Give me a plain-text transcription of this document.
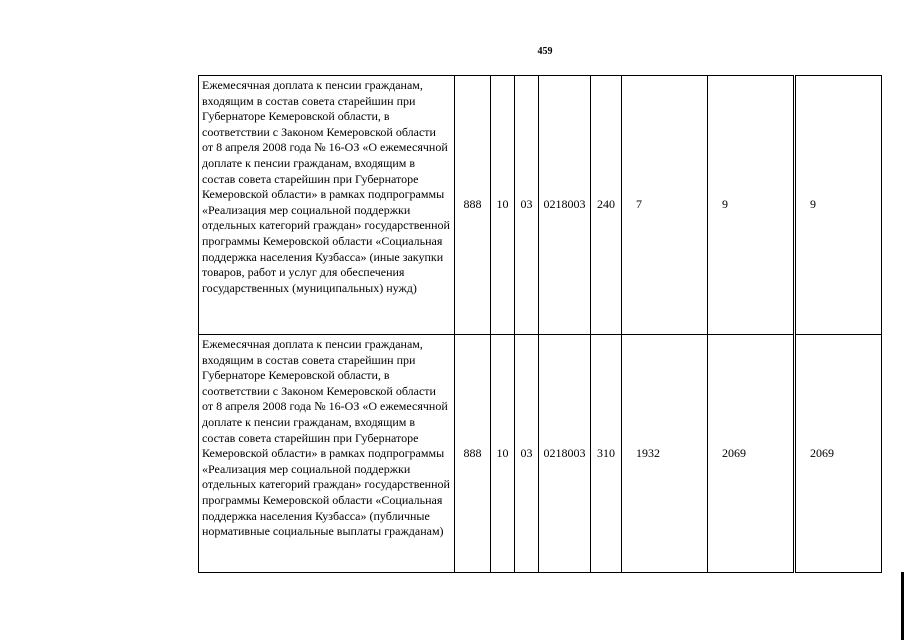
459
Ежемесячная доплата к пенсии гражданам, входящим в состав совета старейшин при Губернаторе Кемеровской области, в соответствии с Законом Кемеровской области от 8 апреля 2008 года № 16-ОЗ «О ежемесячной доплате к пенсии гражданам, входящим в состав совета старейшин при Губернаторе Кемеровской области» в рамках подпрограммы «Реализация мер социальной поддержки отдельных категорий граждан» государственной программы Кемеровской области «Социальная поддержка населения Кузбасса» (иные закупки товаров, работ и услуг для обеспечения государственных (муниципальных) нужд)	888	10	03	0218003	240	7	9	9
Ежемесячная доплата к пенсии гражданам, входящим в состав совета старейшин при Губернаторе Кемеровской области, в соответствии с Законом Кемеровской области от 8 апреля 2008 года № 16-ОЗ «О ежемесячной доплате к пенсии гражданам, входящим в состав совета старейшин при Губернаторе Кемеровской области» в рамках подпрограммы «Реализация мер социальной поддержки отдельных категорий граждан» государственной программы Кемеровской области «Социальная поддержка населения Кузбасса» (публичные нормативные социальные выплаты гражданам)	888	10	03	0218003	310	1932	2069	2069
